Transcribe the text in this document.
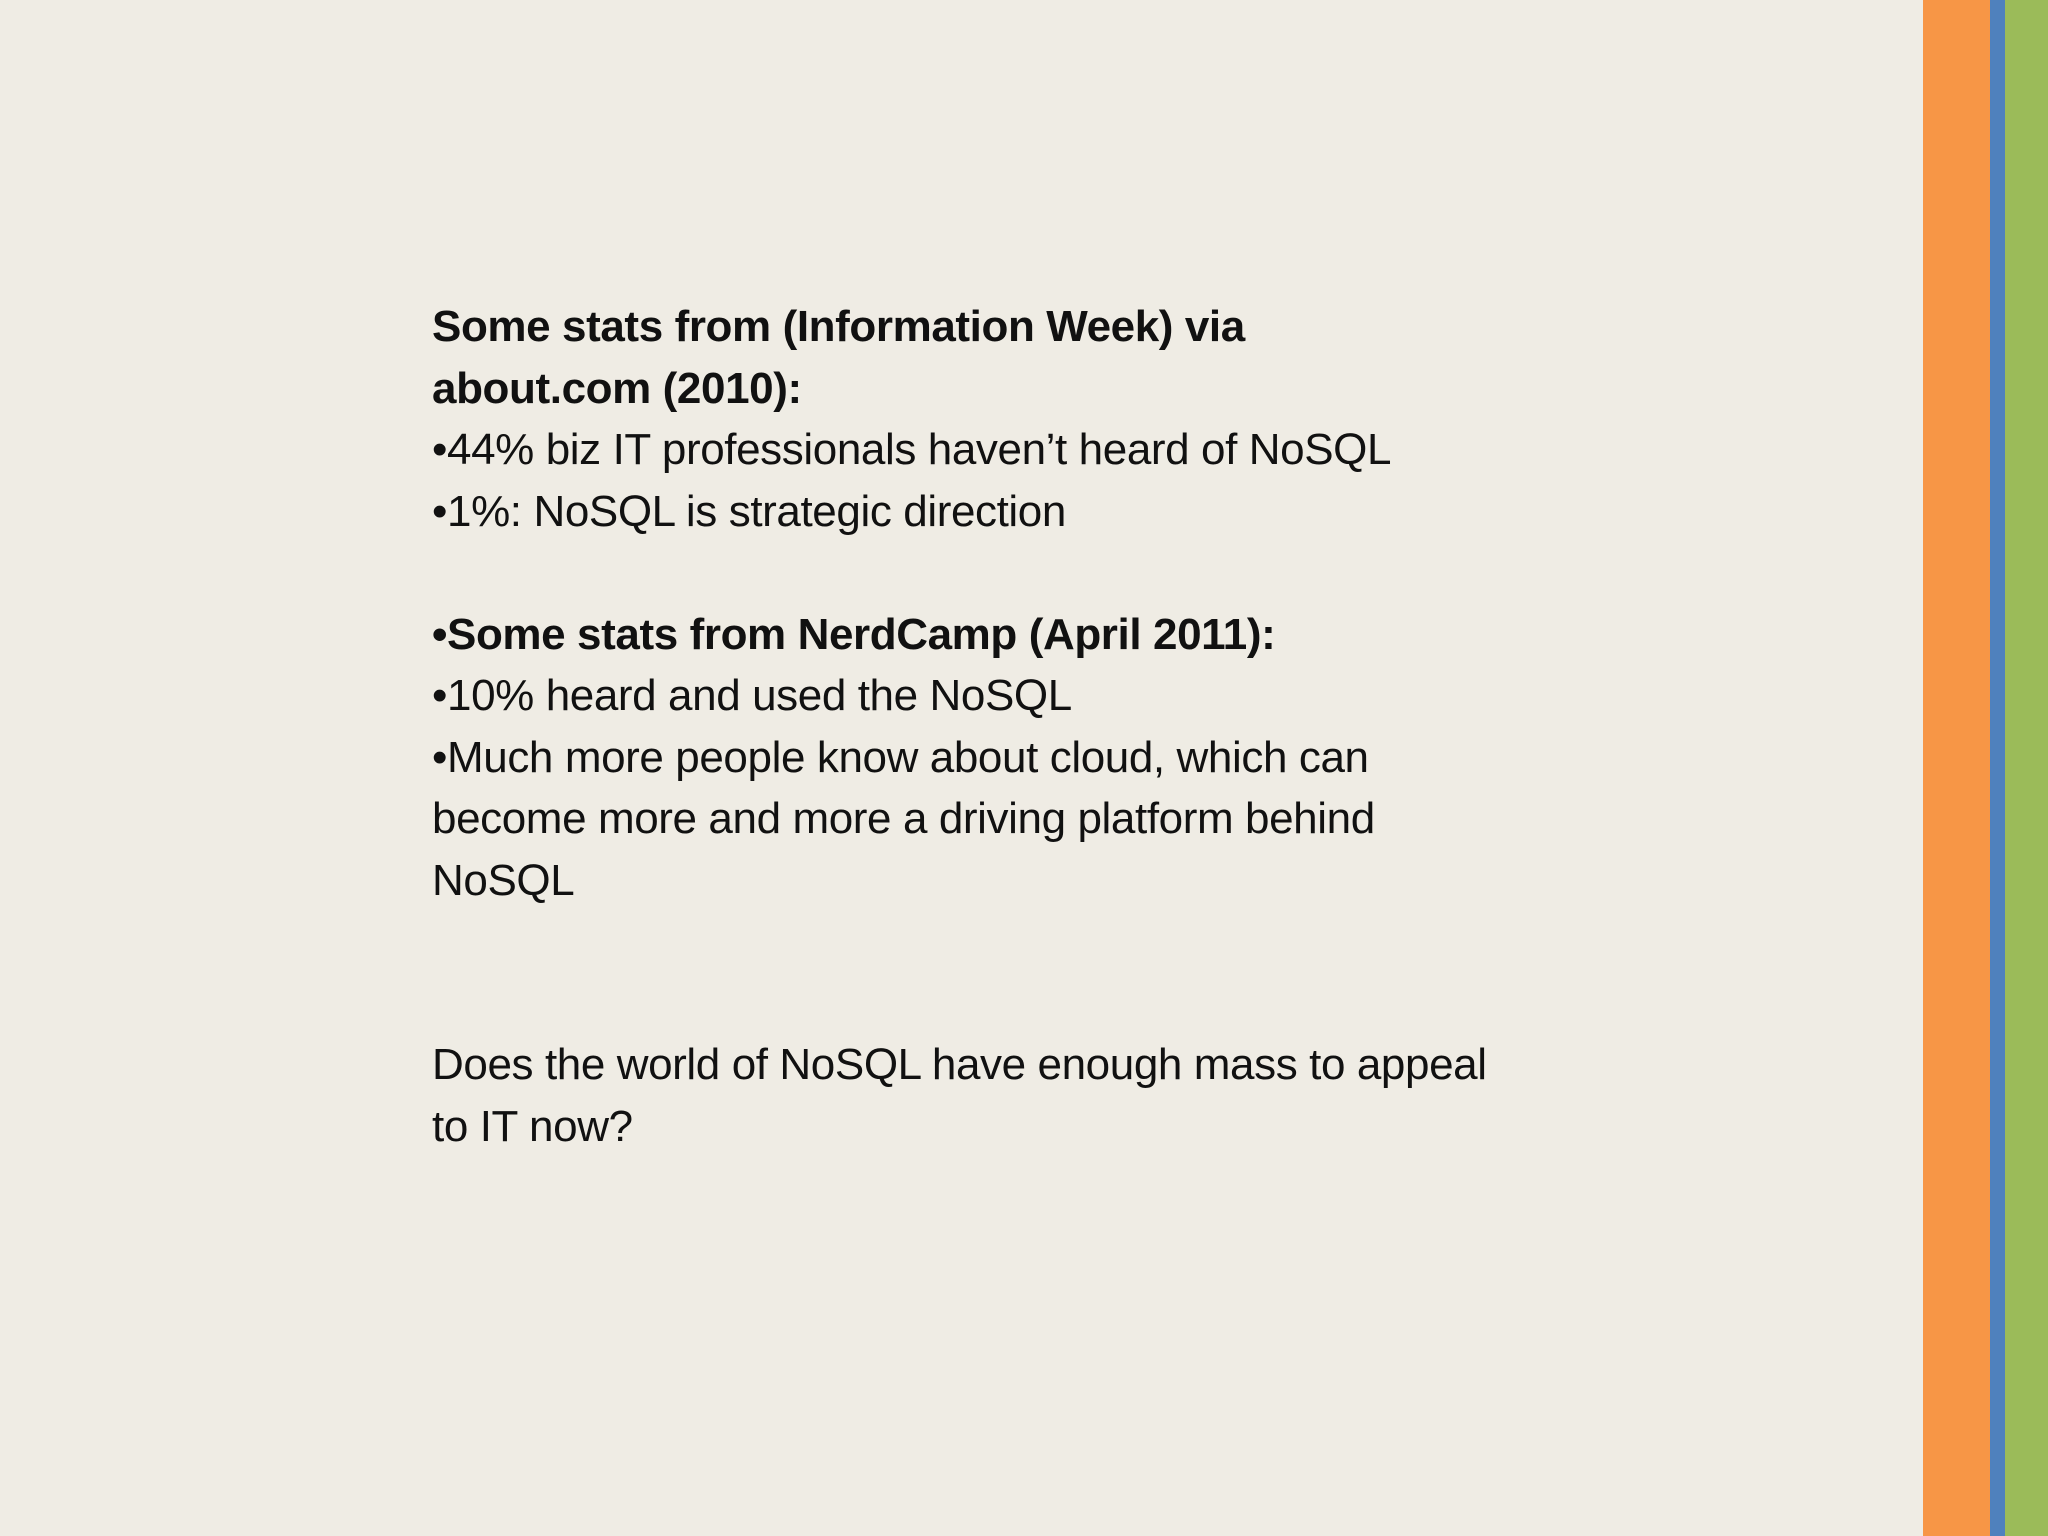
Some stats from (Information Week) via
about.com (2010):
•44% biz IT professionals haven’t heard of NoSQL
•1%: NoSQL is strategic direction
•Some stats from NerdCamp (April 2011):
•10% heard and used the NoSQL
•Much more people know about cloud, which can become more and more a driving platform behind NoSQL
Does the world of NoSQL have enough mass to appeal to IT now?
